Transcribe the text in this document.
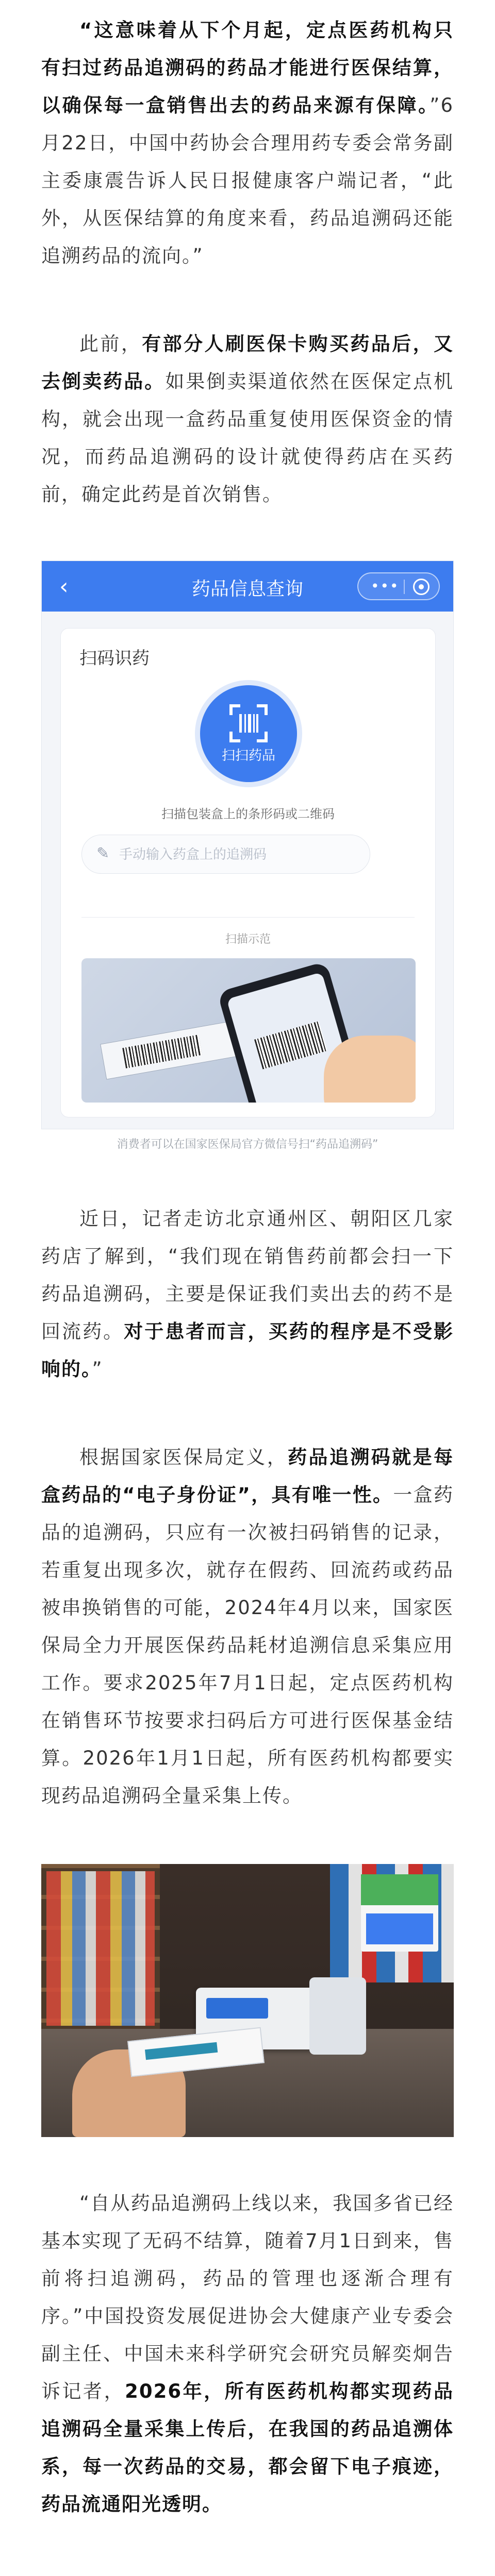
“这意味着从下个月起，定点医药机构只有扫过药品追溯码的药品才能进行医保结算，以确保每一盒销售出去的药品来源有保障。”6月22日，中国中药协会合理用药专委会常务副主委康震告诉人民日报健康客户端记者，“此外，从医保结算的角度来看，药品追溯码还能追溯药品的流向。”

此前，有部分人刷医保卡购买药品后，又去倒卖药品。如果倒卖渠道依然在医保定点机构，就会出现一盒药品重复使用医保资金的情况，而药品追溯码的设计就使得药店在买药前，确定此药是首次销售。

‹	药品信息查询	•••
扫码识药
扫扫药品
扫描包装盒上的条形码或二维码
✎
手动输入药盒上的追溯码
扫描示范
消费者可以在国家医保局官方微信号扫“药品追溯码”

近日，记者走访北京通州区、朝阳区几家药店了解到，“我们现在销售药前都会扫一下药品追溯码，主要是保证我们卖出去的药不是回流药。对于患者而言，买药的程序是不受影响的。”

根据国家医保局定义，药品追溯码就是每盒药品的“电子身份证”，具有唯一性。一盒药品的追溯码，只应有一次被扫码销售的记录，若重复出现多次，就存在假药、回流药或药品被串换销售的可能，2024年4月以来，国家医保局全力开展医保药品耗材追溯信息采集应用工作。要求2025年7月1日起，定点医药机构在销售环节按要求扫码后方可进行医保基金结算。2026年1月1日起，所有医药机构都要实现药品追溯码全量采集上传。

“自从药品追溯码上线以来，我国多省已经基本实现了无码不结算，随着7月1日到来，售前将扫追溯码，药品的管理也逐渐合理有序。”中国投资发展促进协会大健康产业专委会副主任、中国未来科学研究会研究员解奕炯告诉记者，2026年，所有医药机构都实现药品追溯码全量采集上传后，在我国的药品追溯体系，每一次药品的交易，都会留下电子痕迹，药品流通阳光透明。
